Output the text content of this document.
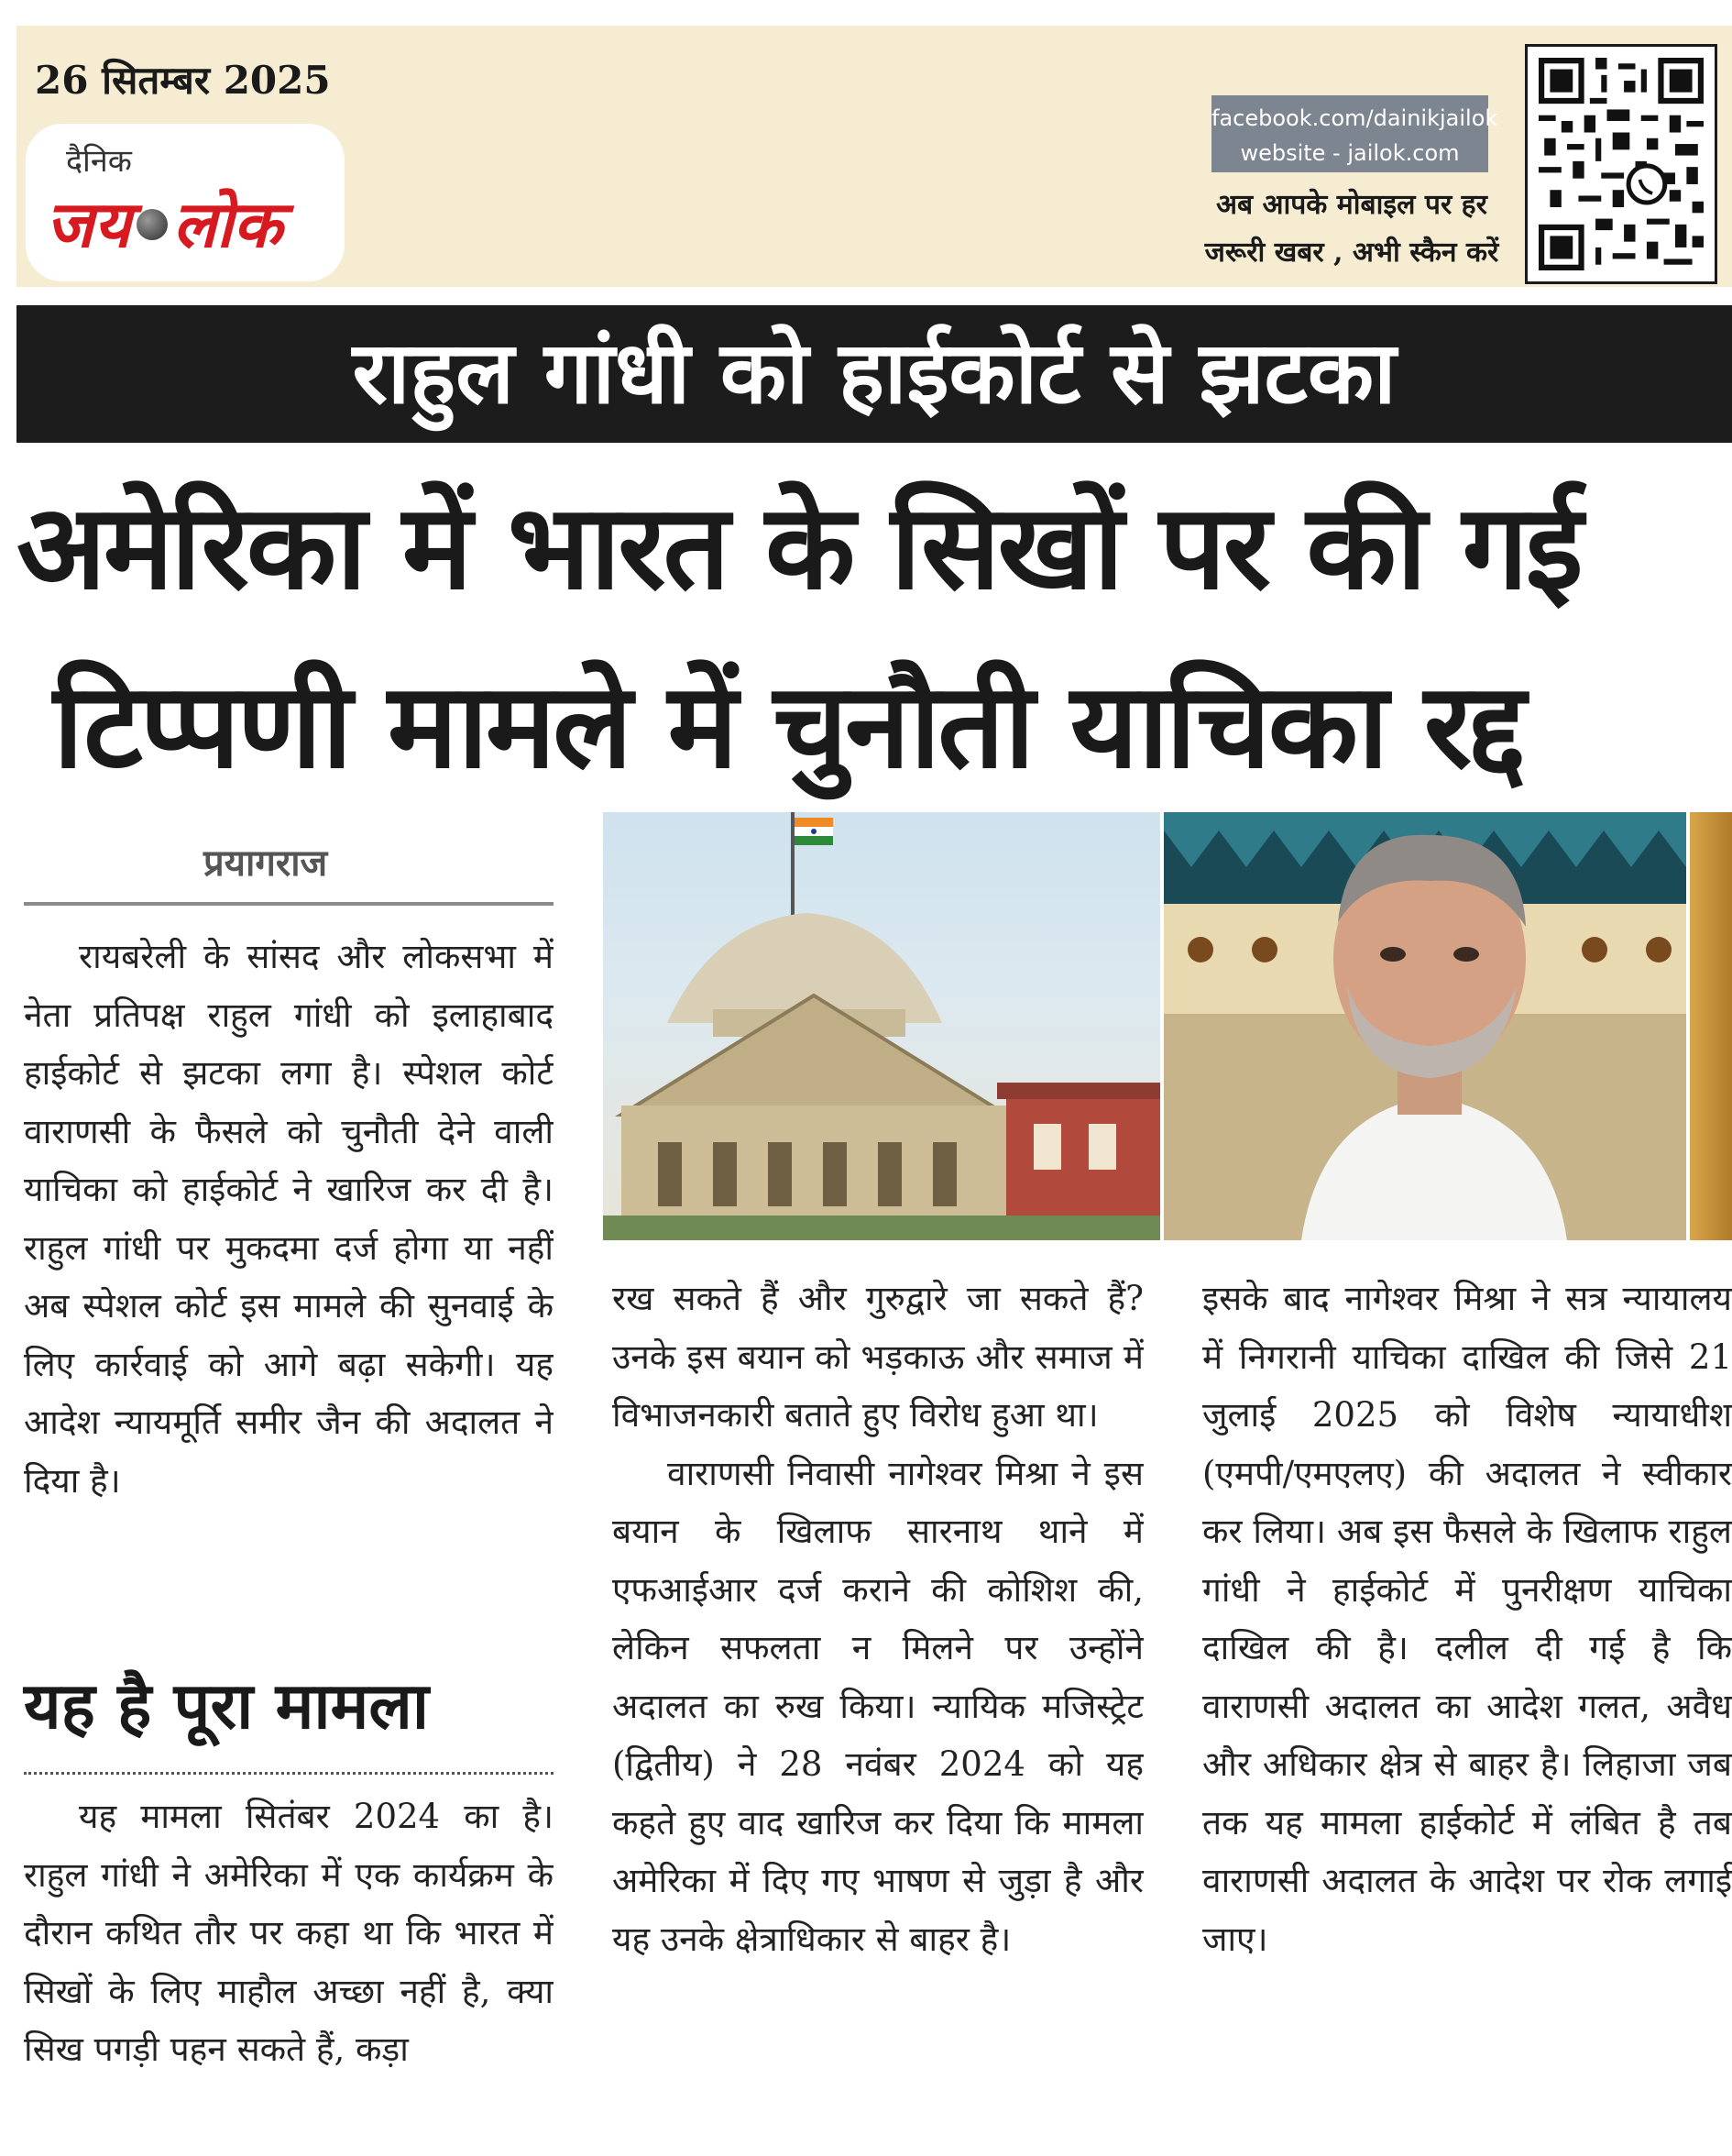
26 सितम्बर 2025
दैनिक
जय लोक
facebook.com/dainikjailok
website - jailok.com
अब आपके मोबाइल पर हर
जरूरी खबर , अभी स्कैन करें
राहुल गांधी को हाईकोर्ट से झटका
अमेरिका में भारत के सिखों पर की गई
टिप्पणी मामले में चुनौती याचिका रद्द
प्रयागराज

रायबरेली के सांसद और लोकसभा में नेता प्रतिपक्ष राहुल गांधी को इलाहाबाद हाईकोर्ट से झटका लगा है। स्पेशल कोर्ट वाराणसी के फैसले को चुनौती देने वाली याचिका को हाईकोर्ट ने खारिज कर दी है। राहुल गांधी पर मुकदमा दर्ज होगा या नहीं अब स्पेशल कोर्ट इस मामले की सुनवाई के लिए कार्रवाई को आगे बढ़ा सकेगी। यह आदेश न्यायमूर्ति समीर जैन की अदालत ने दिया है।

यह है पूरा मामला

यह मामला सितंबर 2024 का है। राहुल गांधी ने अमेरिका में एक कार्यक्रम के दौरान कथित तौर पर कहा था कि भारत में सिखों के लिए माहौल अच्छा नहीं है, क्या सिख पगड़ी पहन सकते हैं, कड़ा

रख सकते हैं और गुरुद्वारे जा सकते हैं? उनके इस बयान को भड़काऊ और समाज में विभाजनकारी बताते हुए विरोध हुआ था।

वाराणसी निवासी नागेश्वर मिश्रा ने इस बयान के खिलाफ सारनाथ थाने में एफआईआर दर्ज कराने की कोशिश की, लेकिन सफलता न मिलने पर उन्होंने अदालत का रुख किया। न्यायिक मजिस्ट्रेट (द्वितीय) ने 28 नवंबर 2024 को यह कहते हुए वाद खारिज कर दिया कि मामला अमेरिका में दिए गए भाषण से जुड़ा है और यह उनके क्षेत्राधिकार से बाहर है।

इसके बाद नागेश्वर मिश्रा ने सत्र न्यायालय में निगरानी याचिका दाखिल की जिसे 21 जुलाई 2025 को विशेष न्यायाधीश (एमपी/एमएलए) की अदालत ने स्वीकार कर लिया। अब इस फैसले के खिलाफ राहुल गांधी ने हाईकोर्ट में पुनरीक्षण याचिका दाखिल की है। दलील दी गई है कि वाराणसी अदालत का आदेश गलत, अवैध और अधिकार क्षेत्र से बाहर है। लिहाजा जब तक यह मामला हाईकोर्ट में लंबित है तब वाराणसी अदालत के आदेश पर रोक लगाई जाए।
